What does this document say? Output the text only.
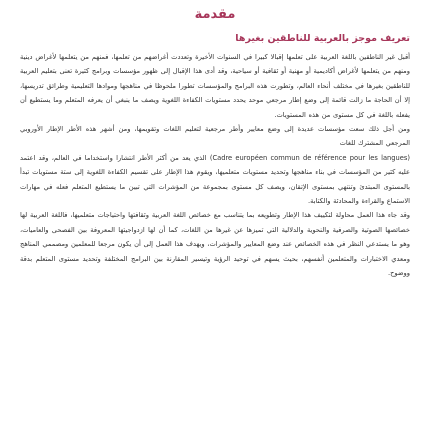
مقدمة
تعريف موجز بالعربية للناطقين بغيرها

أقبل غير الناطقين باللغة العربية على تعلمها إقبالا كبيرا في السنوات الأخيرة وتعددت أغراضهم من تعلمها، فمنهم من يتعلمها لأغراض دينية ومنهم من يتعلمها لأغراض أكاديمية أو مهنية أو ثقافية أو سياحية، وقد أدى هذا الإقبال إلى ظهور مؤسسات وبرامج كثيرة تعنى بتعليم العربية للناطقين بغيرها في مختلف أنحاء العالم، وتطورت هذه البرامج والمؤسسات تطورا ملحوظا في مناهجها وموادها التعليمية وطرائق تدريسها، إلا أن الحاجة ما زالت قائمة إلى وضع إطار مرجعي موحد يحدد مستويات الكفاءة اللغوية ويصف ما ينبغي أن يعرفه المتعلم وما يستطيع أن يفعله باللغة في كل مستوى من هذه المستويات.

ومن أجل ذلك سعت مؤسسات عديدة إلى وضع معايير وأطر مرجعية لتعليم اللغات وتقويمها، ومن أشهر هذه الأطر الإطار الأوروبي المرجعي المشترك للغات

(Cadre européen commun de référence pour les langues) الذي يعد من أكثر الأطر انتشارا واستخداما في العالم، وقد اعتمد عليه كثير من المؤسسات في بناء مناهجها وتحديد مستويات متعلميها، ويقوم هذا الإطار على تقسيم الكفاءة اللغوية إلى ستة مستويات تبدأ بالمستوى المبتدئ وتنتهي بمستوى الإتقان، ويصف كل مستوى بمجموعة من المؤشرات التي تبين ما يستطيع المتعلم فعله في مهارات الاستماع والقراءة والمحادثة والكتابة.

وقد جاء هذا العمل محاولة لتكييف هذا الإطار وتطويعه بما يتناسب مع خصائص اللغة العربية وثقافتها واحتياجات متعلميها، فاللغة العربية لها خصائصها الصوتية والصرفية والنحوية والدلالية التي تميزها عن غيرها من اللغات، كما أن لها ازدواجيتها المعروفة بين الفصحى والعاميات، وهو ما يستدعي النظر في هذه الخصائص عند وضع المعايير والمؤشرات، ويهدف هذا العمل إلى أن يكون مرجعا للمعلمين ومصممي المناهج ومعدي الاختبارات والمتعلمين أنفسهم، بحيث يسهم في توحيد الرؤية وتيسير المقارنة بين البرامج المختلفة وتحديد مستوى المتعلم بدقة ووضوح.
